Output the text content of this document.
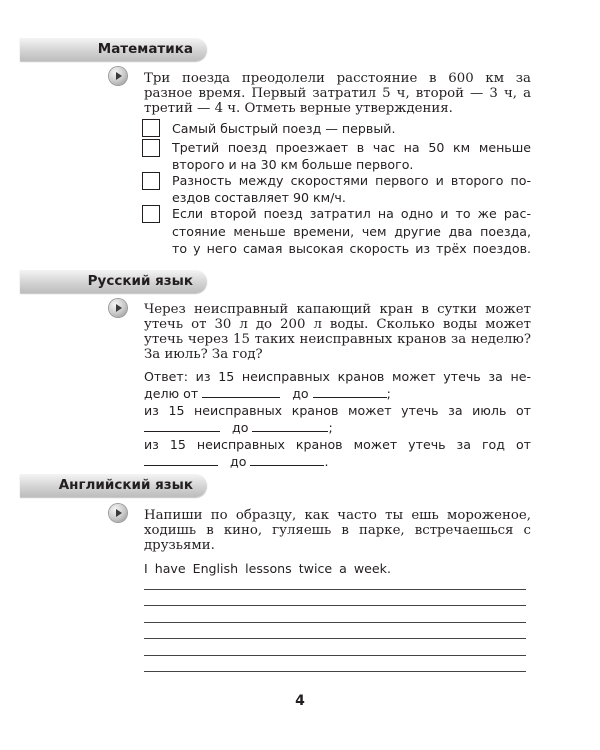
Математика
Три поезда преодолели расстояние в 600 км за разное время. Первый затратил 5 ч, второй — 3 ч, а третий — 4 ч. Отметь верные утверждения.
Самый быстрый поезд — первый.
Третий поезд проезжает в час на 50 км меньше
второго и на 30 км больше первого.
Разность между скоростями первого и второго по-
ездов составляет 90 км/ч.
Если второй поезд затратил на одно и то же рас-
стояние меньше времени, чем другие два поезда,
то у него самая высокая скорость из трёх поездов.
Русский язык
Через неисправный капающий кран в сутки может утечь от 30 л до 200 л воды. Сколько воды может утечь через 15 таких неисправных кранов за неделю? За июль? За год?
Ответ: из 15 неисправных кранов может утечь за не-
делю от	до	;
из 15 неисправных кранов может утечь за июль от
до	;
из 15 неисправных кранов может утечь за год от
до	.
Английский язык
Напиши по образцу, как часто ты ешь мороженое, ходишь в кино, гуляешь в парке, встречаешься с друзьями.
I have English lessons twice a week.
4
